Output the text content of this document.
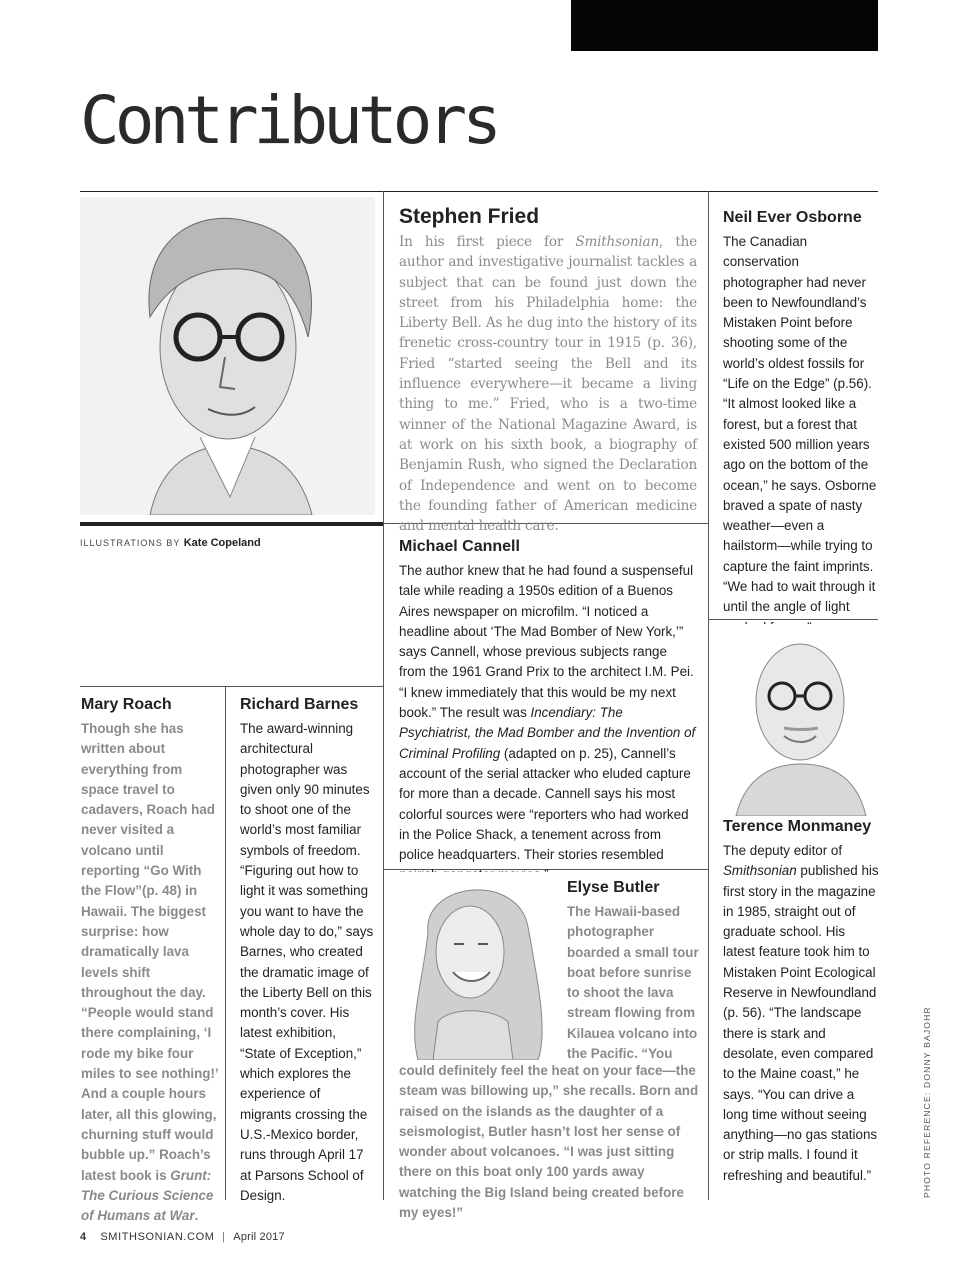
Contributors
ILLUSTRATIONS BY Kate Copeland
Stephen Fried

In his first piece for Smithsonian, the author and investigative journalist tackles a subject that can be found just down the street from his Philadelphia home: the Liberty Bell. As he dug into the history of its frenetic cross-country tour in 1915 (p. 36), Fried “started seeing the Bell and its influence everywhere—it became a living thing to me.” Fried, who is a two-time winner of the National Magazine Award, is at work on his sixth book, a biography of Benjamin Rush, who signed the Declaration of Independence and went on to become the founding father of American medicine and mental health care.

Neil Ever Osborne

The Canadian conservation photographer had never been to Newfoundland’s Mistaken Point before shooting some of the world’s oldest fossils for “Life on the Edge” (p.56). “It almost looked like a forest, but a forest that existed 500 million years ago on the bottom of the ocean,” he says. Osborne braved a spate of nasty weather—even a hailstorm—while trying to capture the faint imprints. “We had to wait through it until the angle of light

Michael Cannell

The author knew that he had found a suspenseful tale while reading a 1950s edition of a Buenos Aires newspaper on microfilm. “I noticed a headline about ‘The Mad Bomber of New York,’” says Cannell, whose previous subjects range from the 1961 Grand Prix to the architect I.M. Pei. “I knew immediately that this would be my next book.” The result was Incendiary: The Psychiatrist, the Mad Bomber and the Invention of Criminal Profiling (adapted on p. 25), Cannell’s account of the serial attacker who eluded capture for more than a decade. Cannell says his most colorful sources were “reporters who had worked in the Police Shack, a tenement across from police headquarters. Their stories resembled

Mary Roach

Though she has written about everything from space travel to cadavers, Roach had never visited a volcano until reporting “Go With the Flow”(p. 48) in Hawaii. The biggest surprise: how dramatically lava levels shift throughout the day. “People would stand there complaining, ‘I rode my bike four miles to see nothing!’ And a couple hours later, all this glowing, churning stuff would bubble up.” Roach’s latest book is Grunt: The Curious Science of Humans at War.

Richard Barnes

The award-winning architectural photographer was given only 90 minutes to shoot one of the world’s most familiar symbols of freedom. “Figuring out how to light it was something you want to have the whole day to do,” says Barnes, who created the dramatic image of the Liberty Bell on this month’s cover. His latest exhibition, “State of Exception,” which explores the experience of migrants crossing the U.S.-Mexico border, runs through April 17 at Parsons School of Design.

Elyse Butler

The Hawaii-based photographer boarded a small tour boat before sunrise to shoot the lava stream flowing from Kilauea volcano into the Pacific. “You

could definitely feel the heat on your face—the steam was billowing up,” she recalls. Born and raised on the islands as the daughter of a seismologist, Butler hasn’t lost her sense of wonder about volcanoes. “I was just sitting there on this boat only 100 yards away watching the Big Island being created before my eyes!”

Terence Monmaney

The deputy editor of Smithsonian published his first story in the magazine in 1985, straight out of graduate school. His latest feature took him to Mistaken Point Ecological Reserve in Newfoundland (p. 56). “The landscape there is stark and desolate, even compared to the Maine coast,” he says. “You can drive a long time without seeing anything—no gas stations or strip malls. I found it refreshing and beautiful.”	PHOTO REFERENCE: DONNY BAJOHR
4 SMITHSONIAN.COM | April 2017
